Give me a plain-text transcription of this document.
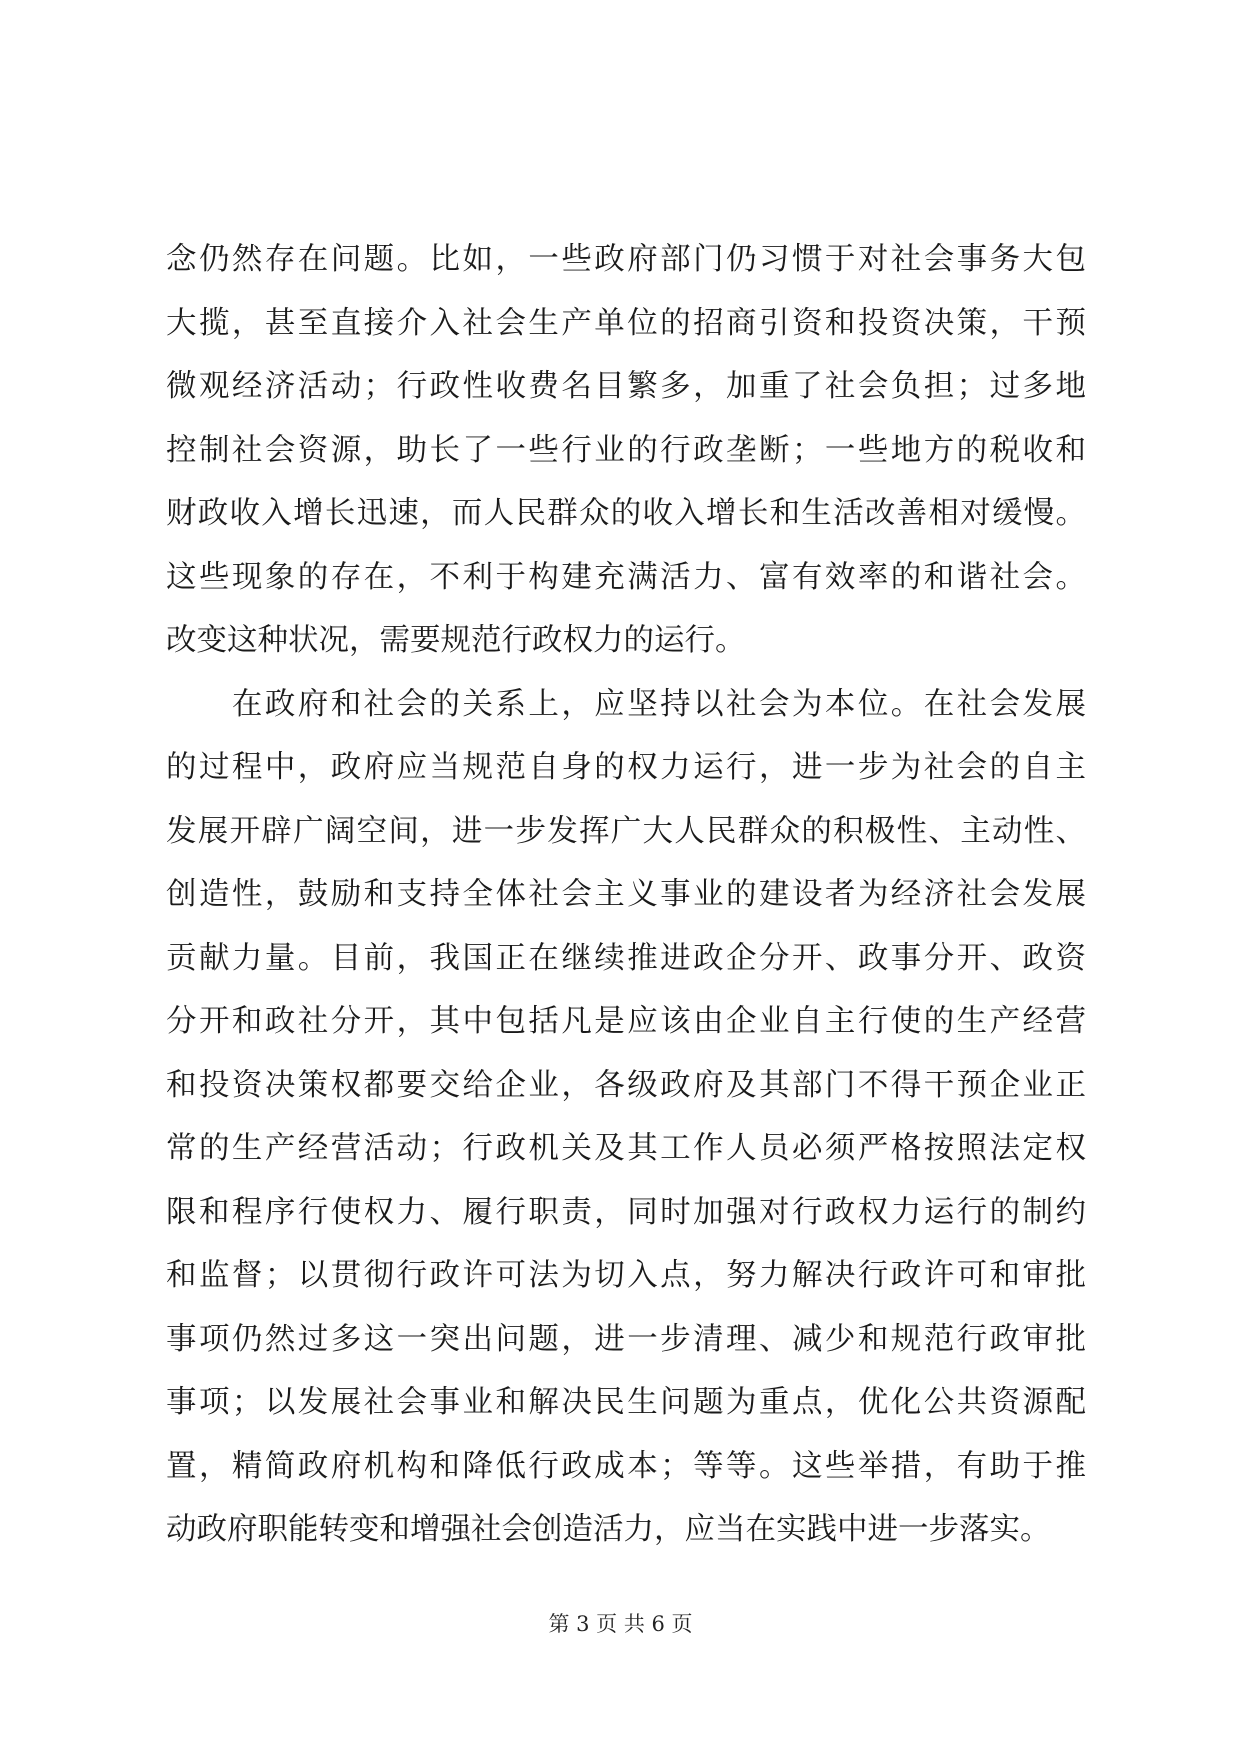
念仍然存在问题。比如，一些政府部门仍习惯于对社会事务大包
大揽，甚至直接介入社会生产单位的招商引资和投资决策，干预
微观经济活动；行政性收费名目繁多，加重了社会负担；过多地
控制社会资源，助长了一些行业的行政垄断；一些地方的税收和
财政收入增长迅速，而人民群众的收入增长和生活改善相对缓慢。
这些现象的存在，不利于构建充满活力、富有效率的和谐社会。
改变这种状况，需要规范行政权力的运行。
　　在政府和社会的关系上，应坚持以社会为本位。在社会发展
的过程中，政府应当规范自身的权力运行，进一步为社会的自主
发展开辟广阔空间，进一步发挥广大人民群众的积极性、主动性、
创造性，鼓励和支持全体社会主义事业的建设者为经济社会发展
贡献力量。目前，我国正在继续推进政企分开、政事分开、政资
分开和政社分开，其中包括凡是应该由企业自主行使的生产经营
和投资决策权都要交给企业，各级政府及其部门不得干预企业正
常的生产经营活动；行政机关及其工作人员必须严格按照法定权
限和程序行使权力、履行职责，同时加强对行政权力运行的制约
和监督；以贯彻行政许可法为切入点，努力解决行政许可和审批
事项仍然过多这一突出问题，进一步清理、减少和规范行政审批
事项；以发展社会事业和解决民生问题为重点，优化公共资源配
置，精简政府机构和降低行政成本；等等。这些举措，有助于推
动政府职能转变和增强社会创造活力，应当在实践中进一步落实。
第 3 页 共 6 页
